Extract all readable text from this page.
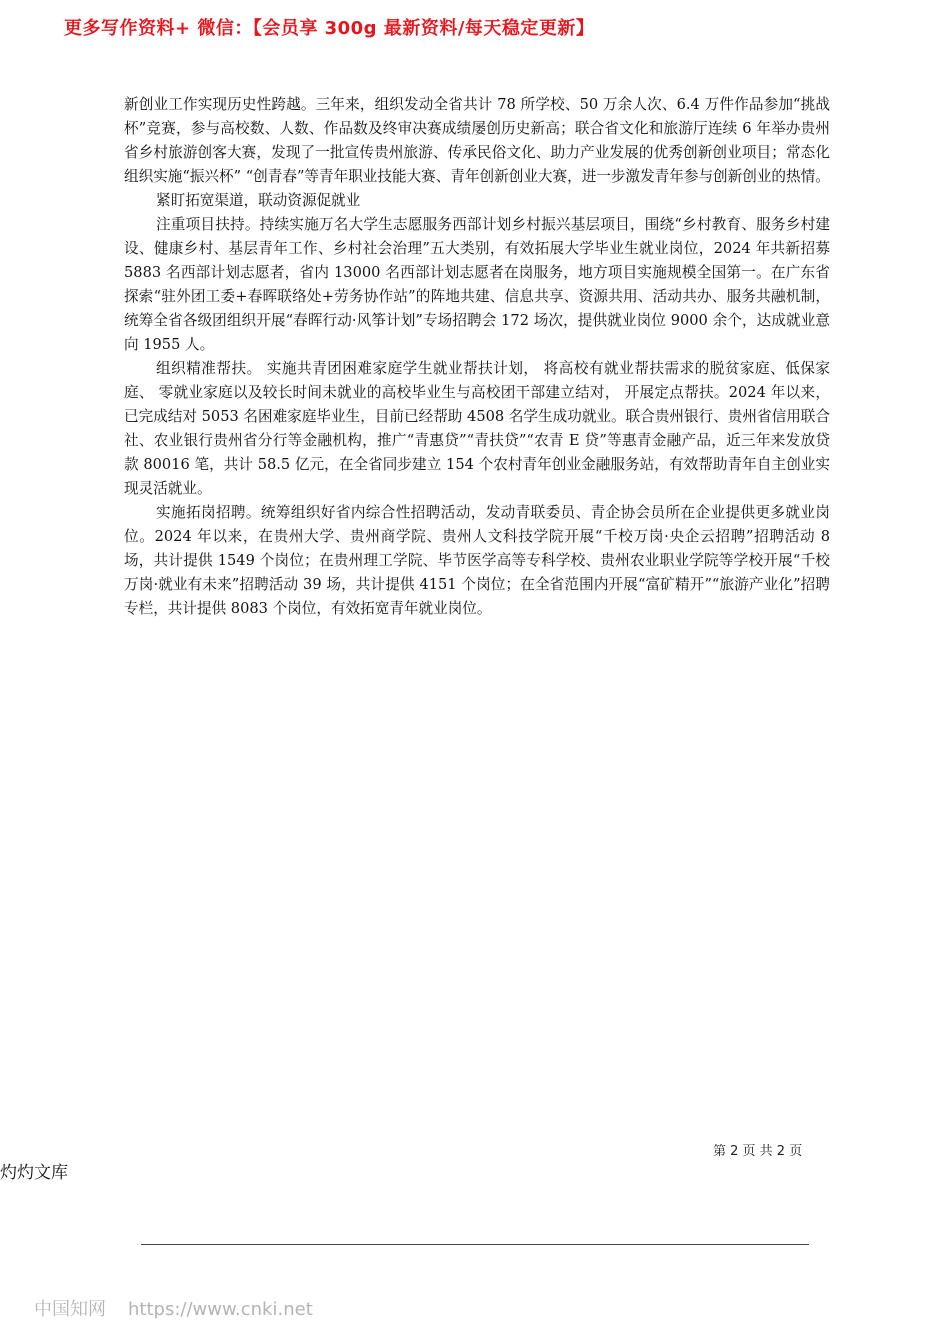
更多写作资料+ 微信：【会员享 300g 最新资料/每天稳定更新】

新创业工作实现历史性跨越。三年来，组织发动全省共计 78 所学校、50 万余人次、6.4 万件作品参加“挑战杯”竞赛，参与高校数、人数、作品数及终审决赛成绩屡创历史新高；联合省文化和旅游厅连续 6 年举办贵州省乡村旅游创客大赛，发现了一批宣传贵州旅游、传承民俗文化、助力产业发展的优秀创新创业项目；常态化组织实施“振兴杯” “创青春”等青年职业技能大赛、青年创新创业大赛，进一步激发青年参与创新创业的热情。

紧盯拓宽渠道，联动资源促就业

注重项目扶持。持续实施万名大学生志愿服务西部计划乡村振兴基层项目，围绕“乡村教育、服务乡村建设、健康乡村、基层青年工作、乡村社会治理”五大类别，有效拓展大学毕业生就业岗位，2024 年共新招募 5883 名西部计划志愿者，省内 13000 名西部计划志愿者在岗服务，地方项目实施规模全国第一。在广东省探索“驻外团工委+春晖联络处+劳务协作站”的阵地共建、信息共享、资源共用、活动共办、服务共融机制，统筹全省各级团组织开展“春晖行动·风筝计划”专场招聘会 172 场次，提供就业岗位 9000 余个，达成就业意向 1955 人。

组织精准帮扶。 实施共青团困难家庭学生就业帮扶计划， 将高校有就业帮扶需求的脱贫家庭、低保家庭、 零就业家庭以及较长时间未就业的高校毕业生与高校团干部建立结对， 开展定点帮扶。2024 年以来，已完成结对 5053 名困难家庭毕业生，目前已经帮助 4508 名学生成功就业。联合贵州银行、贵州省信用联合社、农业银行贵州省分行等金融机构，推广“青惠贷”“青扶贷”“农青 E 贷”等惠青金融产品，近三年来发放贷款 80016 笔，共计 58.5 亿元，在全省同步建立 154 个农村青年创业金融服务站，有效帮助青年自主创业实现灵活就业。

实施拓岗招聘。统筹组织好省内综合性招聘活动，发动青联委员、青企协会员所在企业提供更多就业岗位。2024 年以来，在贵州大学、贵州商学院、贵州人文科技学院开展“千校万岗·央企云招聘”招聘活动 8 场，共计提供 1549 个岗位；在贵州理工学院、毕节医学高等专科学校、贵州农业职业学院等学校开展“千校万岗·就业有未来”招聘活动 39 场，共计提供 4151 个岗位；在全省范围内开展“富矿精开”“旅游产业化”招聘专栏，共计提供 8083 个岗位，有效拓宽青年就业岗位。

第 2 页 共 2 页
灼灼文库
中国知网 https://www.cnki.net
